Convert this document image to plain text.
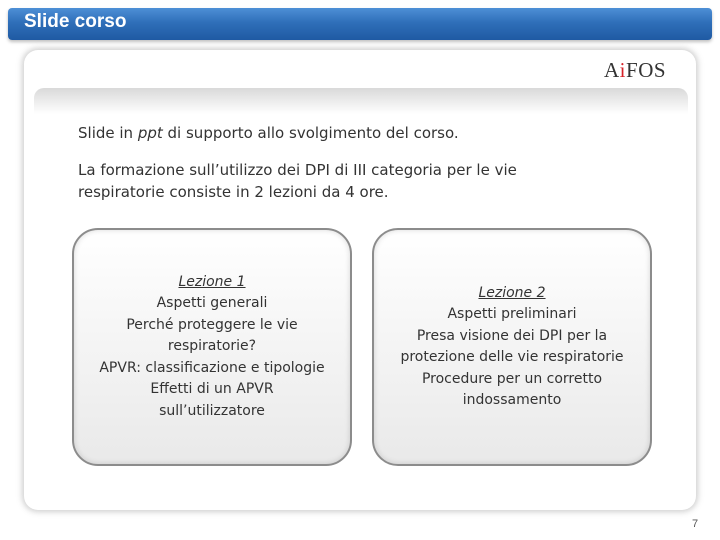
Slide corso
AiFOS
Slide in ppt di supporto allo svolgimento del corso.
La formazione sull’utilizzo dei DPI di III categoria per le vie
respiratorie consiste in 2 lezioni da 4 ore.
Lezione 1
Aspetti generali
Perché proteggere le vie
respiratorie?
APVR: classificazione e tipologie
Effetti di un APVR
sull’utilizzatore
Lezione 2
Aspetti preliminari
Presa visione dei DPI per la
protezione delle vie respiratorie
Procedure per un corretto
indossamento
7
